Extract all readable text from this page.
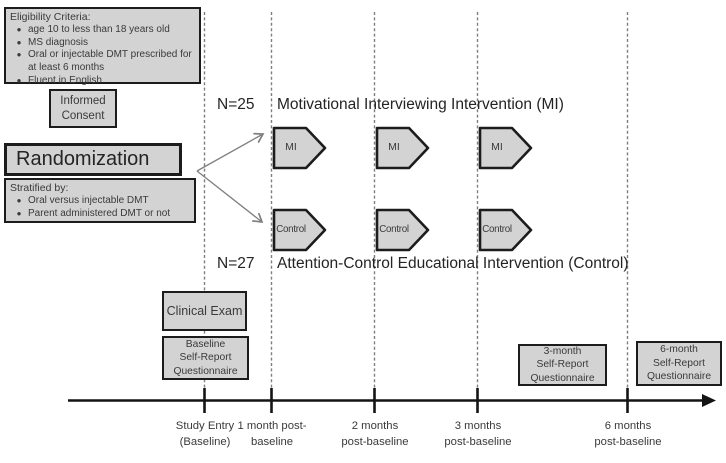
Eligibility Criteria:
● age 10 to less than 18 years old
● MS diagnosis
● Oral or injectable DMT prescribed for at least 6 months
● Fluent in English
Informed
Consent
Randomization
Stratified by:
● Oral versus injectable DMT
● Parent administered DMT or not
N=25	Motivational Interviewing Intervention (MI)
MI	MI	MI
Control	Control	Control
N=27	Attention-Control Educational Intervention (Control)
Clinical Exam
Baseline
Self-Report
Questionnaire
3-month
Self-Report
Questionnaire
6-month
Self-Report
Questionnaire
Study Entry
(Baseline)
1 month post-
baseline
2 months
post-baseline
3 months
post-baseline
6 months
post-baseline
